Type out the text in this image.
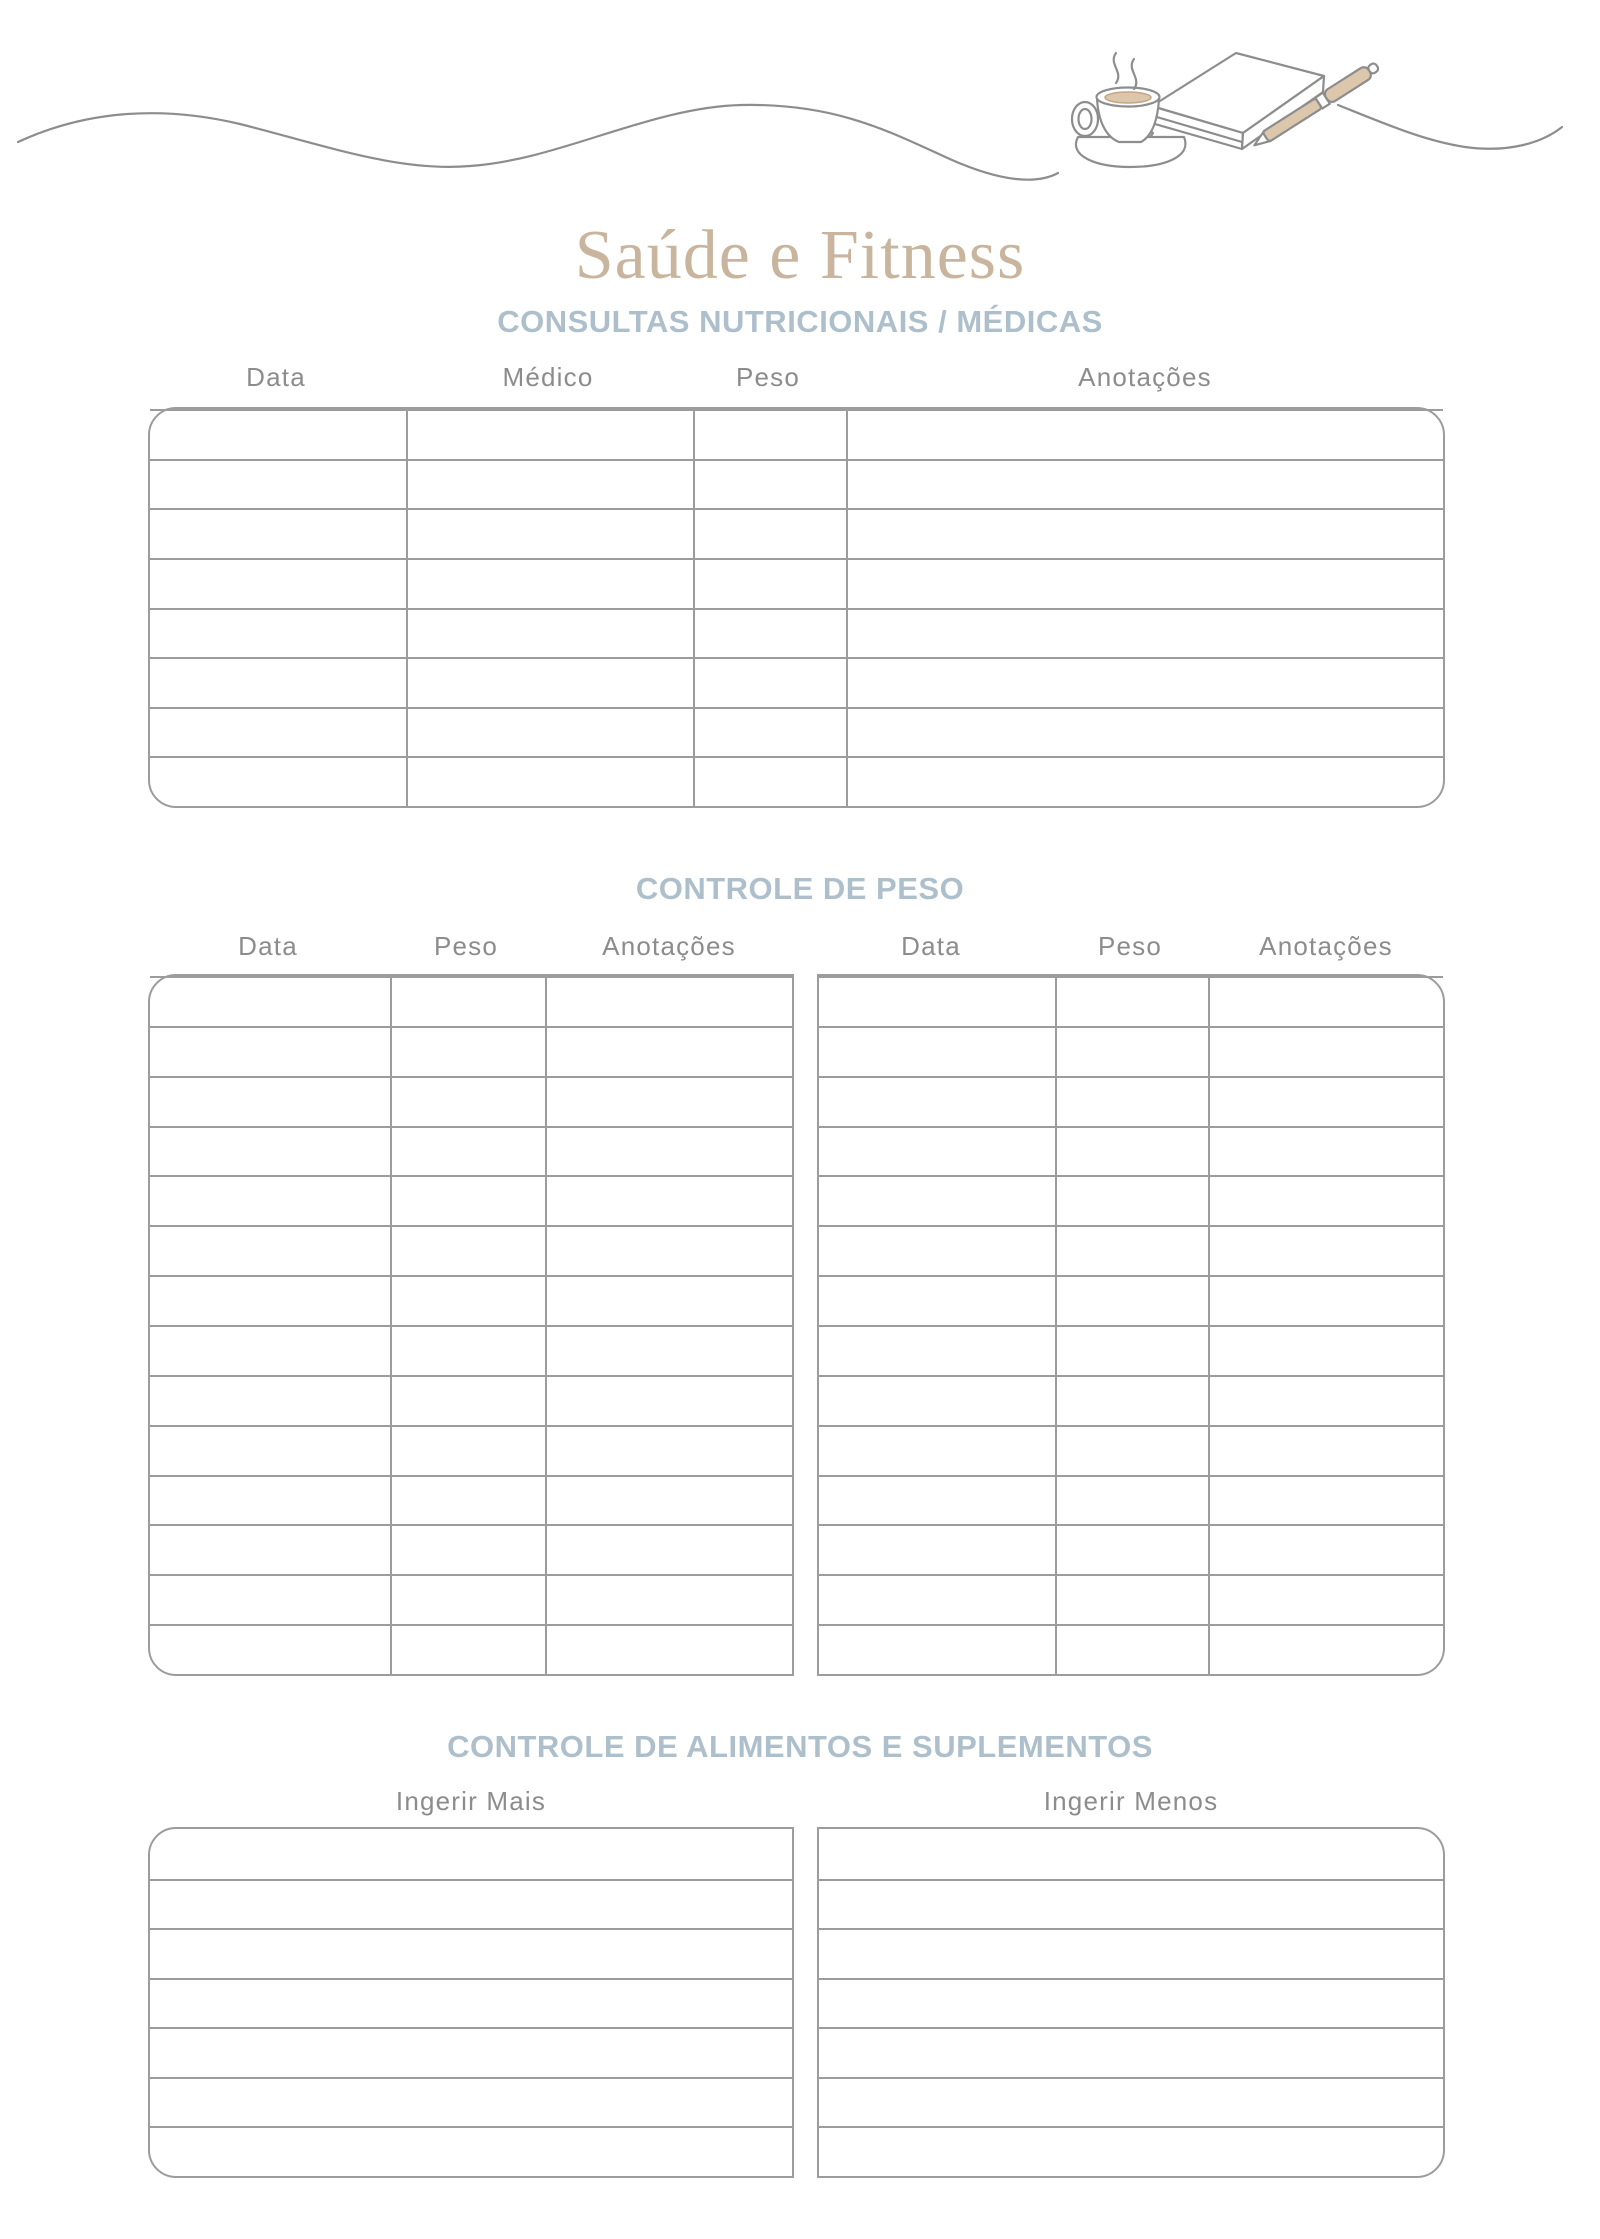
Saúde e Fitness
CONSULTAS NUTRICIONAIS / MÉDICAS
Data	Médico	Peso	Anotações
CONTROLE DE PESO
Data	Peso	Anotações	Data	Peso	Anotações
CONTROLE DE ALIMENTOS E SUPLEMENTOS
Ingerir Mais	Ingerir Menos
